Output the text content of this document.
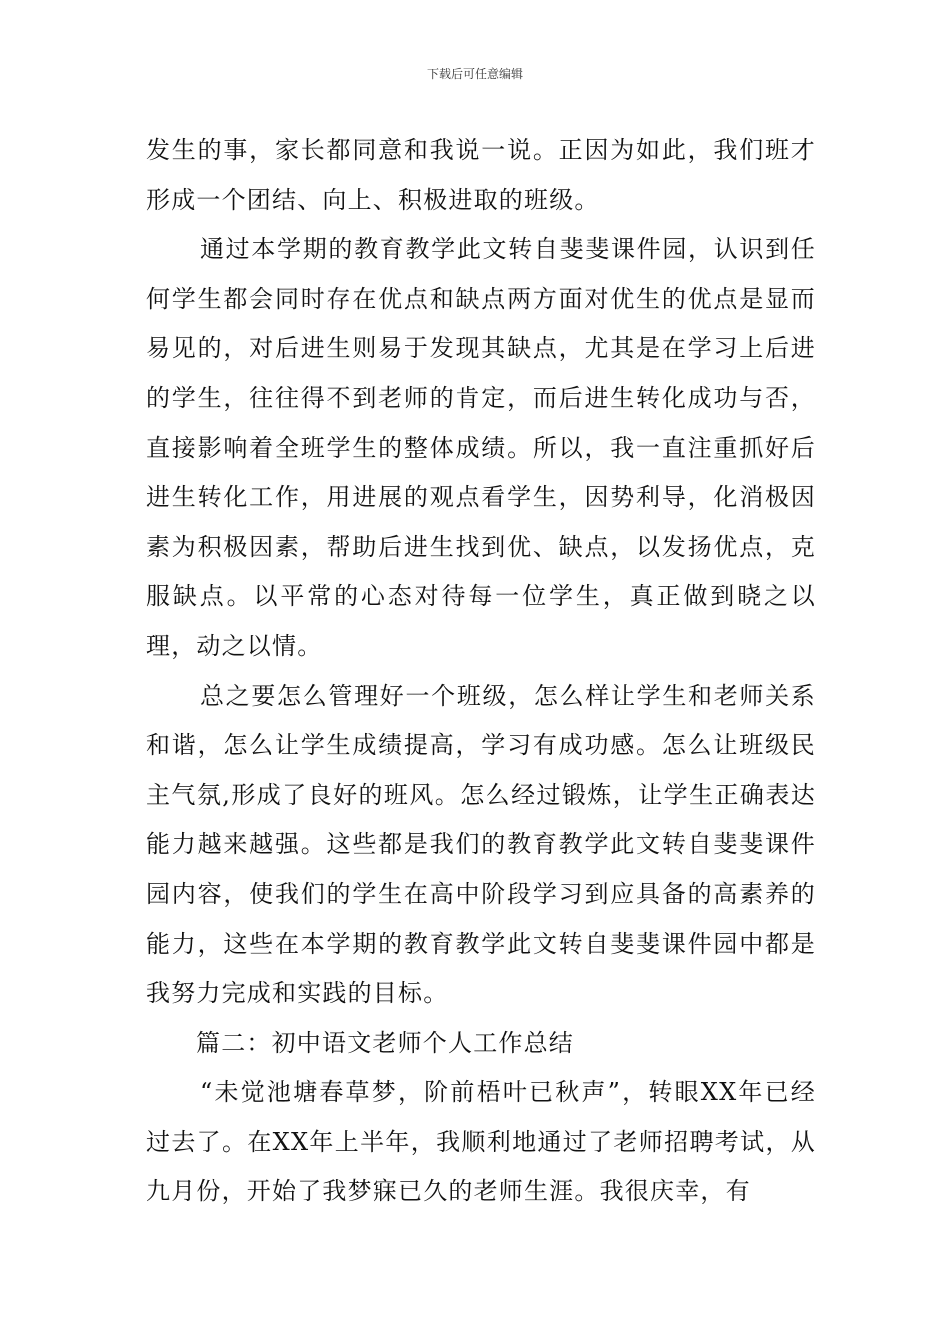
下载后可任意编辑

发生的事，家长都同意和我说一说。正因为如此，我们班才形成一个团结、向上、积极进取的班级。

通过本学期的教育教学此文转自斐斐课件园，认识到任何学生都会同时存在优点和缺点两方面对优生的优点是显而易见的，对后进生则易于发现其缺点，尤其是在学习上后进的学生，往往得不到老师的肯定，而后进生转化成功与否，直接影响着全班学生的整体成绩。所以，我一直注重抓好后进生转化工作，用进展的观点看学生，因势利导，化消极因素为积极因素，帮助后进生找到优、缺点，以发扬优点，克服缺点。以平常的心态对待每一位学生，真正做到晓之以理，动之以情。

总之要怎么管理好一个班级，怎么样让学生和老师关系和谐，怎么让学生成绩提高，学习有成功感。怎么让班级民主气氛,形成了良好的班风。怎么经过锻炼，让学生正确表达能力越来越强。这些都是我们的教育教学此文转自斐斐课件园内容，使我们的学生在高中阶段学习到应具备的高素养的能力，这些在本学期的教育教学此文转自斐斐课件园中都是我努力完成和实践的目标。

篇二：初中语文老师个人工作总结

“未觉池塘春草梦，阶前梧叶已秋声”，转眼XX年已经过去了。在XX年上半年，我顺利地通过了老师招聘考试，从九月份，开始了我梦寐已久的老师生涯。我很庆幸，有
